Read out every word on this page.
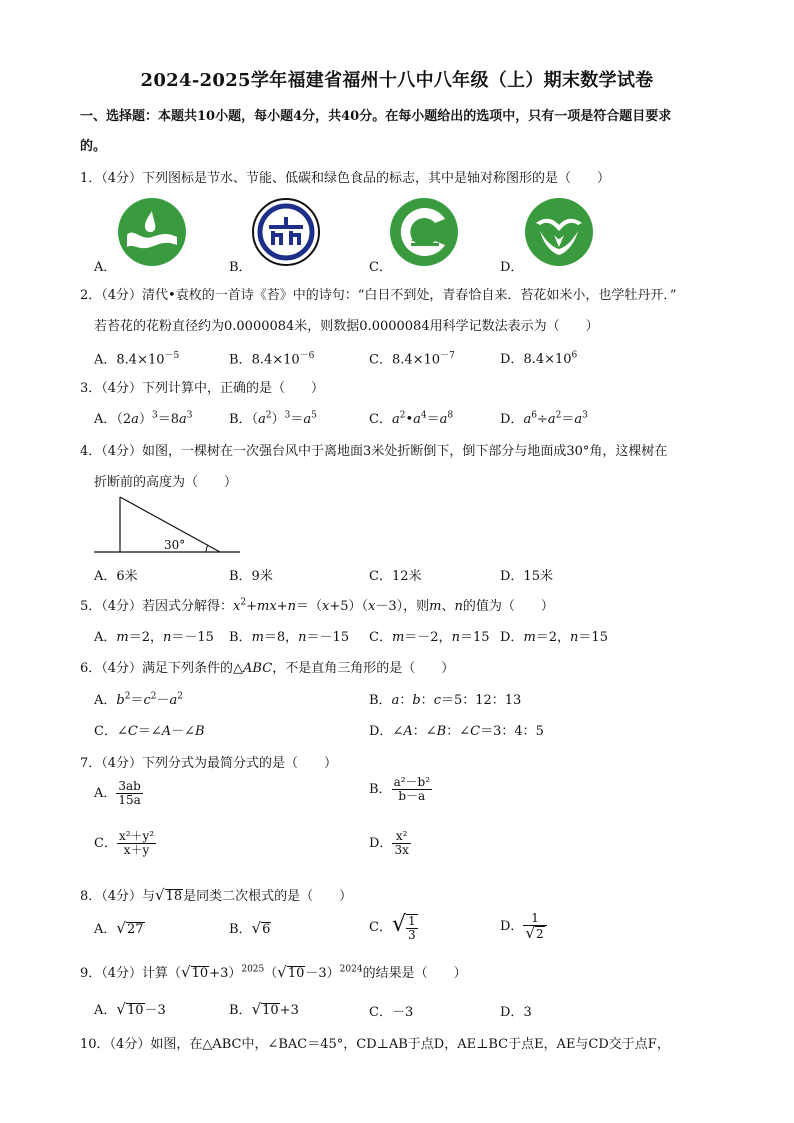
2024-2025学年福建省福州十八中八年级（上）期末数学试卷
一、选择题：本题共10小题，每小题4分，共40分。在每小题给出的选项中，只有一项是符合题目要求
的。
1．（4分）下列图标是节水、节能、低碳和绿色食品的标志，其中是轴对称图形的是（　　）
A．	B．	C．	D．
2．（4分）清代•袁枚的一首诗《苔》中的诗句：“白日不到处，青春恰自来．苔花如米小，也学牡丹开．”
若苔花的花粉直径约为0.0000084米，则数据0.0000084用科学记数法表示为（　　）
A．$8.4\times 10^{-5}$	B．$8.4\times 10^{-6}$	C．$8.4\times 10^{-7}$	D．$8.4\times 10^6$
3．（4分）下列计算中，正确的是（　　）
A．$(2a)^3=8a^3$	B．$(a^2)^3=a^5$	C．$a^2•a^4=a^8$	D．$a^6\div a^2=a^3$
4．（4分）如图，一棵树在一次强台风中于离地面3米处折断倒下，倒下部分与地面成30°角，这棵树在
折断前的高度为（　　）
30°
A．6米	B．9米	C．12米	D．15米
5．（4分）若因式分解得：$x^2+mx+n=(x+5)(x-3)$，则m、n的值为（　　）
A．m＝2，n＝－15 B．m＝8，n＝－15 C．m＝－2，n＝15 D．m＝2，n＝15
6．（4分）满足下列条件的△ABC，不是直角三角形的是（　　）
A．$b^2=c^2-a^2$	B．a：b：c＝5：12：13
C．∠C＝∠A－∠B	D．∠A：∠B：∠C＝3：4：5
7．（4分）下列分式为最简分式的是（　　）
A． $\frac{3ab}{15a}$	B． $\frac{\text{a²－b²}}{b-a}$
C． $\frac{\text{x²＋y²}}{x+y}$	D． $\frac{\text{x²}}{3x}$
8．（4分）与√18是同类二次根式的是（　　）
A．√27	B．√6	C．√ $\frac{1}{3}$	D． $\frac{1}{√2}$
9．（4分）计算$(√10+3)^{2025}(√10-3)^{2024}$的结果是（　　）
A．√10－3	B．√10+3	C．－3	D．3
10．（4分）如图，在△ABC中，∠BAC＝45°，CD⊥AB于点D，AE⊥BC于点E，AE与CD交于点F，
